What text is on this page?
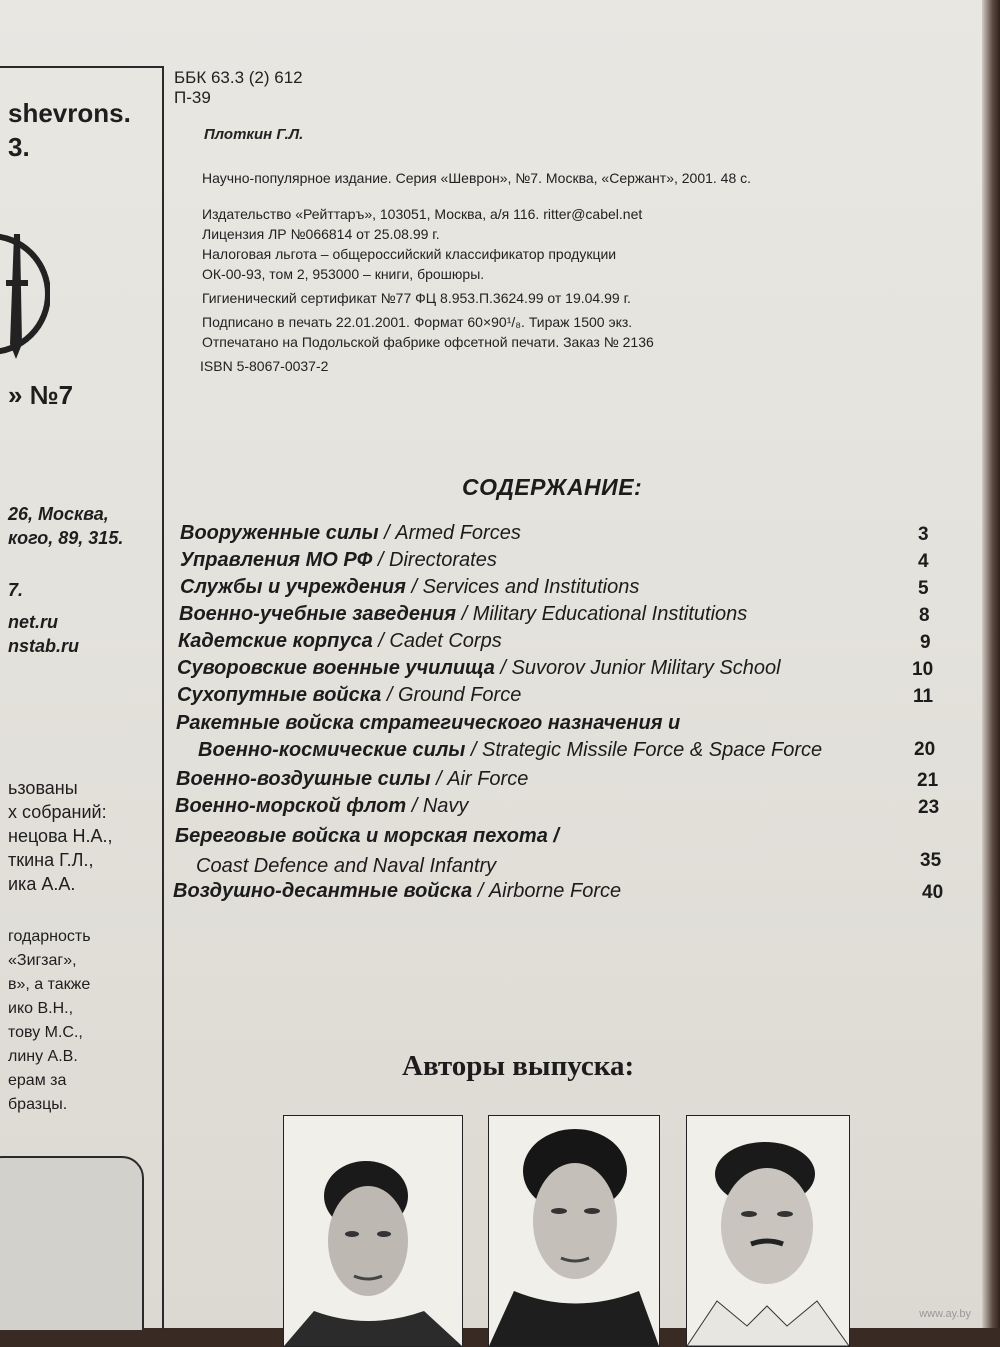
shevrons.
3.
» №7
26, Москва,
кого, 89, 315.
7.
net.ru
nstab.ru
ьзованы
х собраний:
нецова Н.А.,
ткина Г.Л.,
ика А.А.
годарность
«Зигзаг»,
в», а также
ико В.Н.,
тову М.С.,
лину А.В.
ерам за
бразцы.
ББК 63.3 (2) 612
П-39
Плоткин Г.Л.
Научно-популярное издание. Серия «Шеврон», №7. Москва, «Сержант», 2001. 48 с.
Издательство «Рейттаръ», 103051, Москва, а/я 116. ritter@cabel.net
Лицензия ЛР №066814 от 25.08.99 г.
Налоговая льгота – общероссийский классификатор продукции
ОК-00-93, том 2, 953000 – книги, брошюры.
Гигиенический сертификат №77 ФЦ 8.953.П.3624.99 от 19.04.99 г.
Подписано в печать 22.01.2001. Формат 60×90¹/₈. Тираж 1500 экз.
Отпечатано на Подольской фабрике офсетной печати. Заказ № 2136
ISBN 5-8067-0037-2
СОДЕРЖАНИЕ:
Вооруженные силы / Armed Forces	3
Управления МО РФ / Directorates	4
Службы и учреждения / Services and Institutions	5
Военно-учебные заведения / Military Educational Institutions	8
Кадетские корпуса / Cadet Corps	9
Суворовские военные училища / Suvorov Junior Military School	10
Сухопутные войска / Ground Force	11
Ракетные войска стратегического назначения и
Военно-космические силы / Strategic Missile Force & Space Force	20
Военно-воздушные силы / Air Force	21
Военно-морской флот / Navy	23
Береговые войска и морская пехота /
Coast Defence and Naval Infantry	35
Воздушно-десантные войска / Airborne Force	40
Авторы выпуска:
www.ay.by
